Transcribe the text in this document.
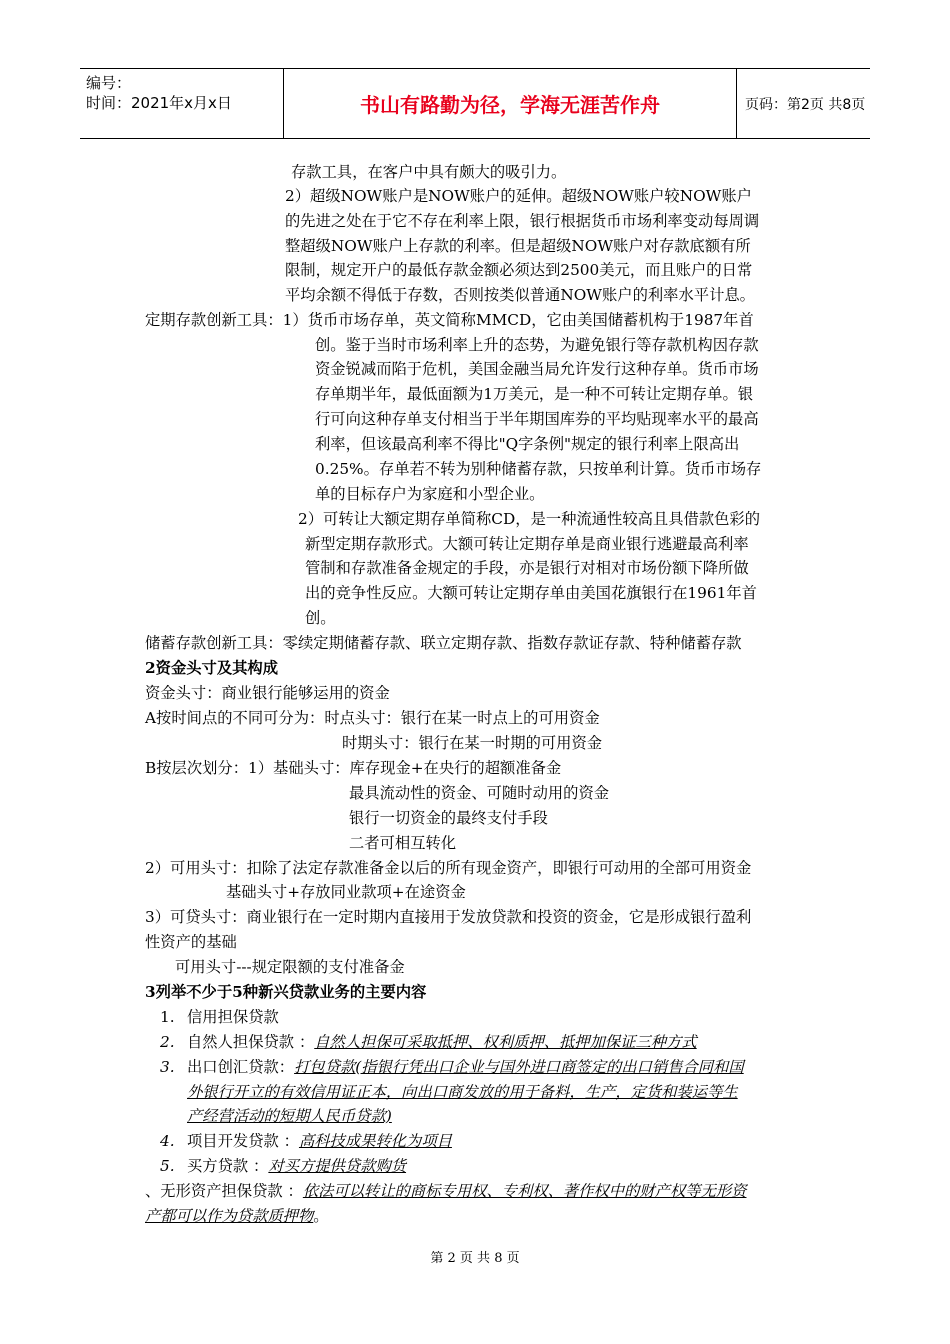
编号：
时间：2021年x月x日	书山有路勤为径，学海无涯苦作舟	页码：第2页 共8页
存款工具，在客户中具有颇大的吸引力。
2）超级NOW账户是NOW账户的延伸。超级NOW账户较NOW账户
的先进之处在于它不存在利率上限，银行根据货币市场利率变动每周调
整超级NOW账户上存款的利率。但是超级NOW账户对存款底额有所
限制，规定开户的最低存款金额必须达到2500美元，而且账户的日常
平均余额不得低于存数，否则按类似普通NOW账户的利率水平计息。
定期存款创新工具：1）货币市场存单，英文简称MMCD，它由美国储蓄机构于1987年首
创。鉴于当时市场利率上升的态势，为避免银行等存款机构因存款
资金锐减而陷于危机，美国金融当局允许发行这种存单。货币市场
存单期半年，最低面额为1万美元，是一种不可转让定期存单。银
行可向这种存单支付相当于半年期国库券的平均贴现率水平的最高
利率，但该最高利率不得比"Q字条例"规定的银行利率上限高出
0.25%。存单若不转为别种储蓄存款，只按单利计算。货币市场存
单的目标存户为家庭和小型企业。
2）可转让大额定期存单简称CD，是一种流通性较高且具借款色彩的
新型定期存款形式。大额可转让定期存单是商业银行逃避最高利率
管制和存款准备金规定的手段，亦是银行对相对市场份额下降所做
出的竞争性反应。大额可转让定期存单由美国花旗银行在1961年首
创。
储蓄存款创新工具：零续定期储蓄存款、联立定期存款、指数存款证存款、特种储蓄存款
2资金头寸及其构成
资金头寸：商业银行能够运用的资金
A按时间点的不同可分为：时点头寸：银行在某一时点上的可用资金
时期头寸：银行在某一时期的可用资金
B按层次划分：1）基础头寸：库存现金+在央行的超额准备金
最具流动性的资金、可随时动用的资金
银行一切资金的最终支付手段
二者可相互转化
2）可用头寸：扣除了法定存款准备金以后的所有现金资产，即银行可动用的全部可用资金
基础头寸+存放同业款项+在途资金
3）可贷头寸：商业银行在一定时期内直接用于发放贷款和投资的资金，它是形成银行盈利
性资产的基础
可用头寸---规定限额的支付准备金
3列举不少于5种新兴贷款业务的主要内容
1. 信用担保贷款
2. 自然人担保贷款 ：自然人担保可采取抵押、权利质押、抵押加保证三种方式
3. 出口创汇贷款：打包贷款(指银行凭出口企业与国外进口商签定的出口销售合同和国
外银行开立的有效信用证正本，向出口商发放的用于备料，生产，定货和装运等生
产经营活动的短期人民币贷款)
4. 项目开发贷款 ：高科技成果转化为项目
5. 买方贷款 ：对买方提供贷款购货
、无形资产担保贷款 ：依法可以转让的商标专用权、专利权、著作权中的财产权等无形资
产都可以作为贷款质押物。
第 2 页 共 8 页
